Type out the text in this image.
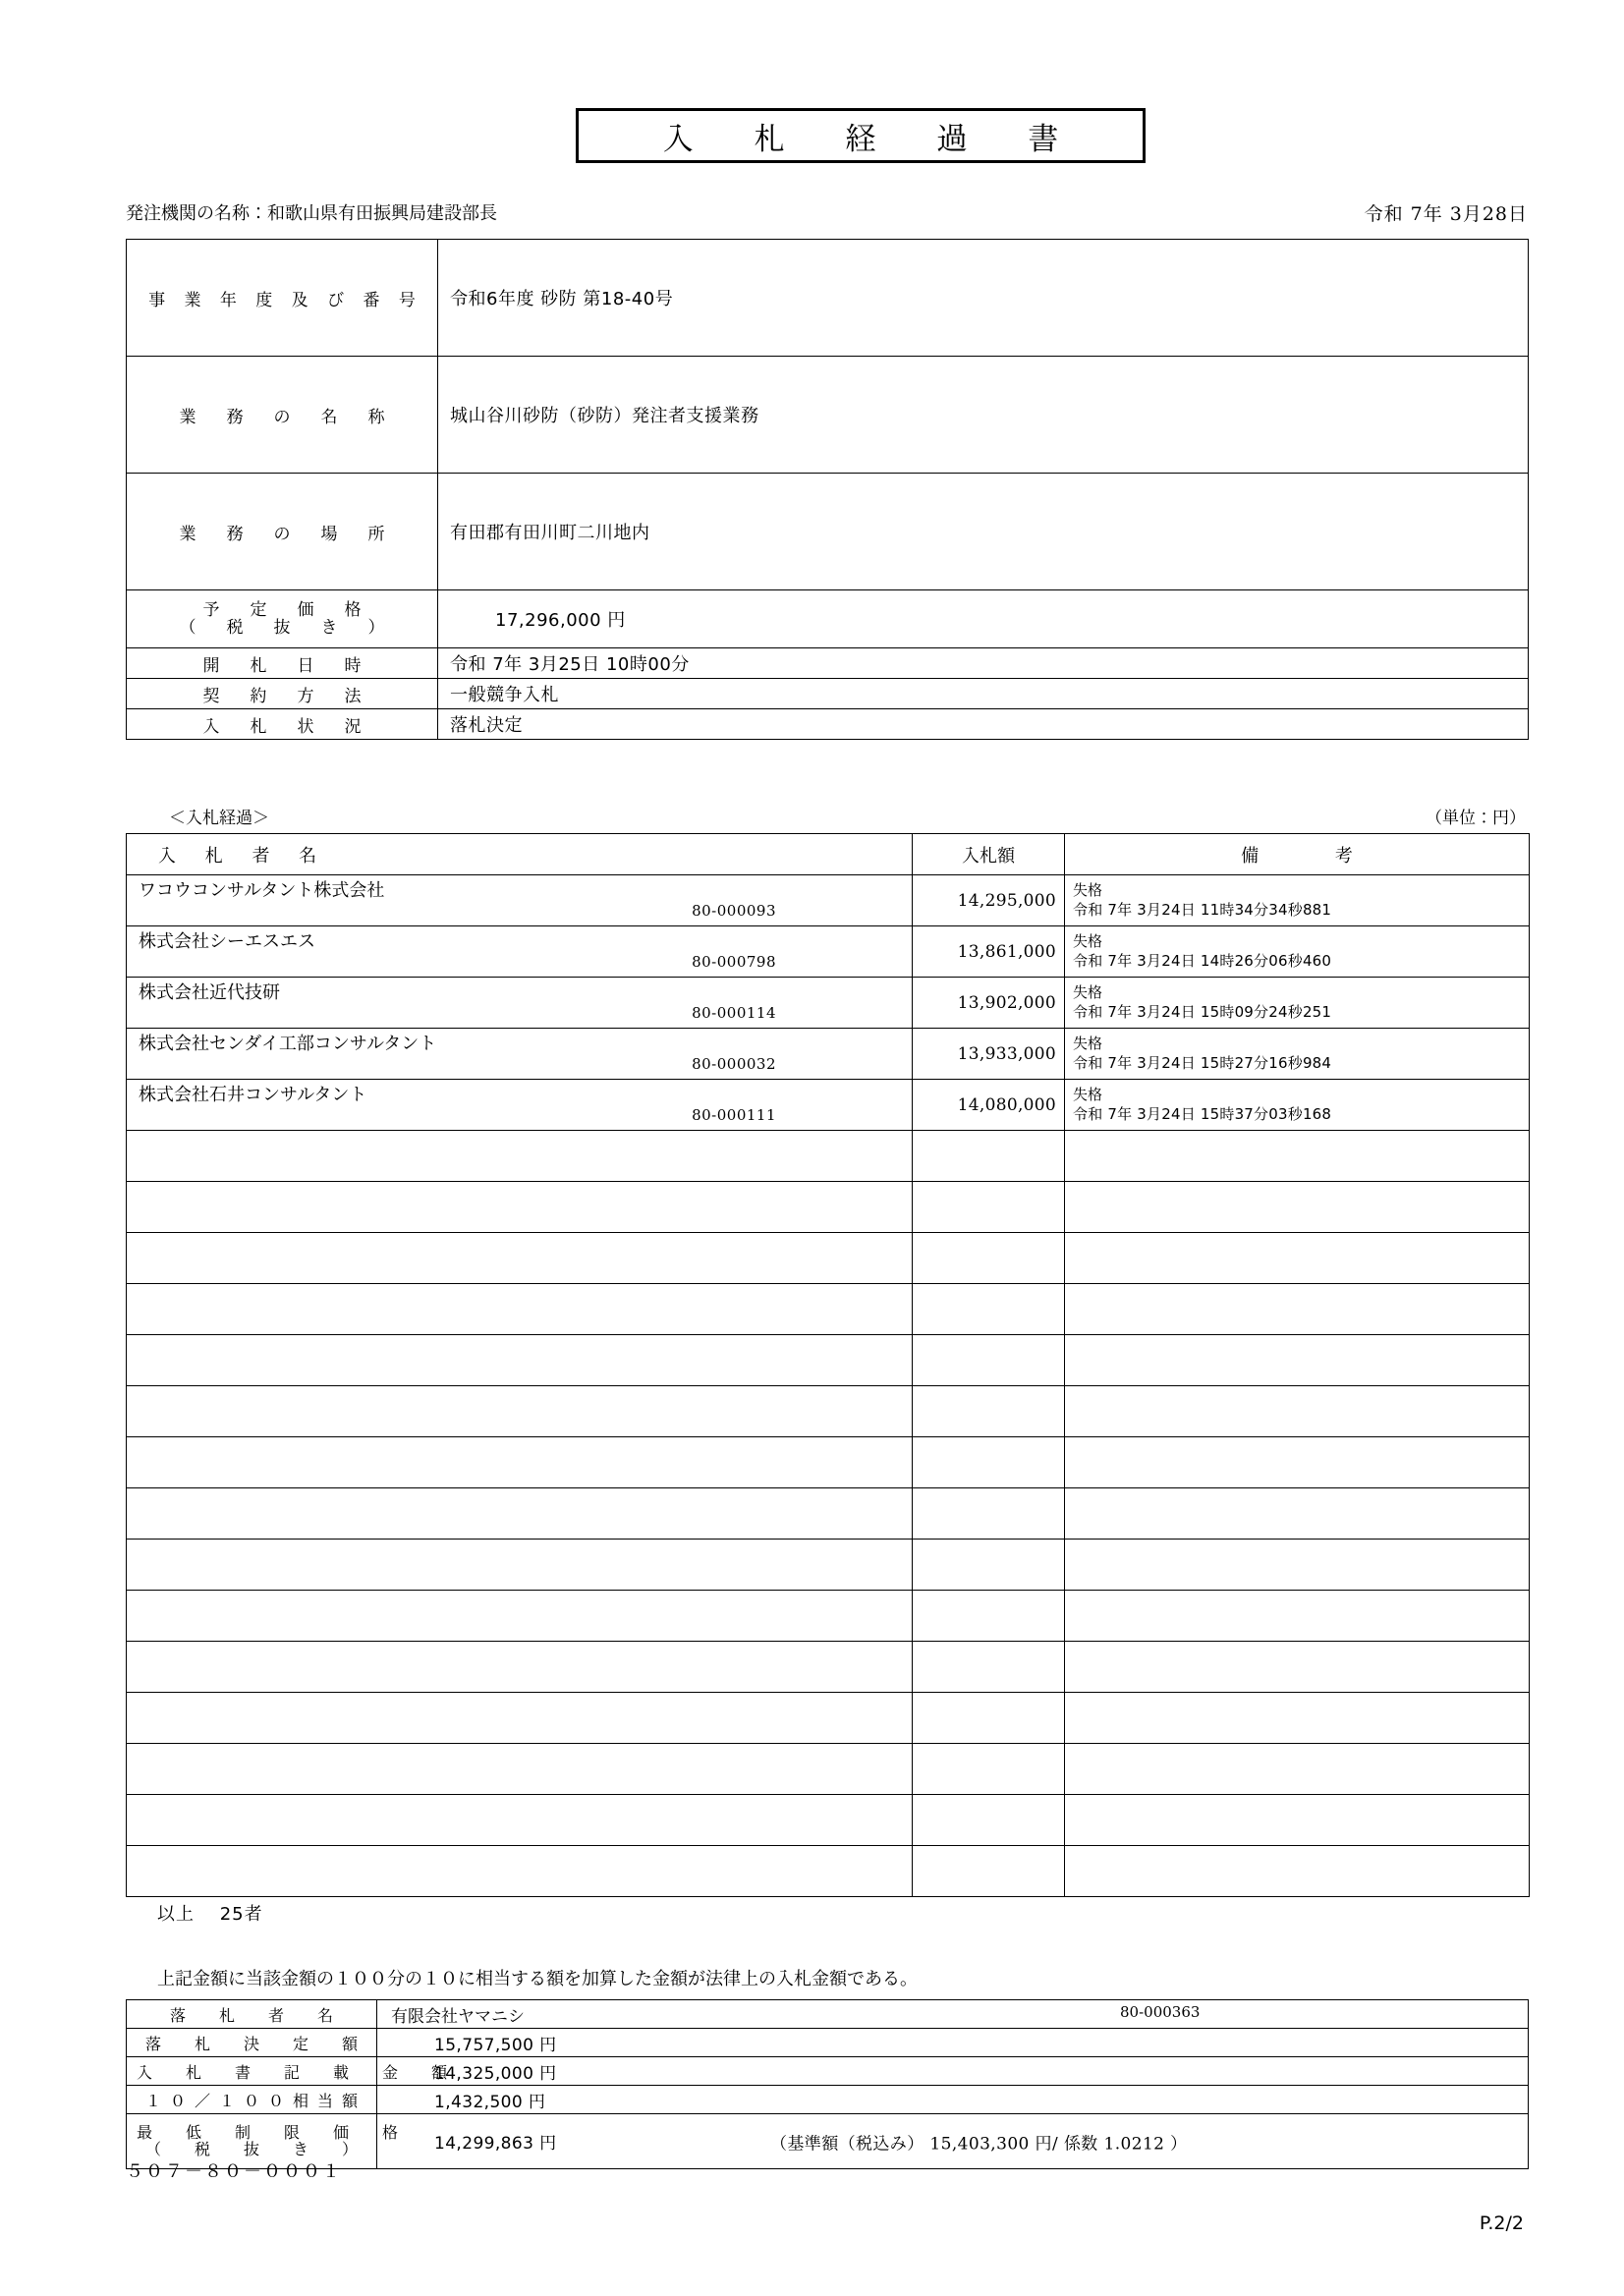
入 札 経 過 書
発注機関の名称：和歌山県有田振興局建設部長	令和 7年 3月28日
事 業 年 度 及 び 番 号	令和6年度 砂防 第18-40号
業　務　の　名　称	城山谷川砂防（砂防）発注者支援業務
業　務　の　場　所	有田郡有田川町二川地内

予　定　価　格
（　税　抜　き　）	17,296,000 円
開　札　日　時	令和 7年 3月25日 10時00分
契　約　方　法	一般競争入札
入　札　状　況	落札決定
＜入札経過＞	（単位：円）
入 札 者 名	入札額	備 考

ワコウコンサルタント株式会社
80-000093	14,295,000	失格
令和 7年 3月24日 11時34分34秒881

株式会社シーエスエス
80-000798	13,861,000	失格
令和 7年 3月24日 14時26分06秒460

株式会社近代技研
80-000114	13,902,000	失格
令和 7年 3月24日 15時09分24秒251

株式会社センダイ工部コンサルタント
80-000032	13,933,000	失格
令和 7年 3月24日 15時27分16秒984

株式会社石井コンサルタント
80-000111	14,080,000	失格
令和 7年 3月24日 15時37分03秒168

以上　 25者
上記金額に当該金額の１００分の１０に相当する額を加算した金額が法律上の入札金額である。
落　札　者　名	有限会社ヤマニシ 80-000363

落　札　決　定　額	15,757,500 円
入　札　書　記　載　金　額	14,325,000 円
１０／１００相当額	1,432,500 円

最　低　制　限　価　格
（　税　抜　き　）	14,299,863 円	（基準額（税込み） 15,403,300 円/ 係数 1.0212 ）
５０７－８０－０００１
P.2/2
